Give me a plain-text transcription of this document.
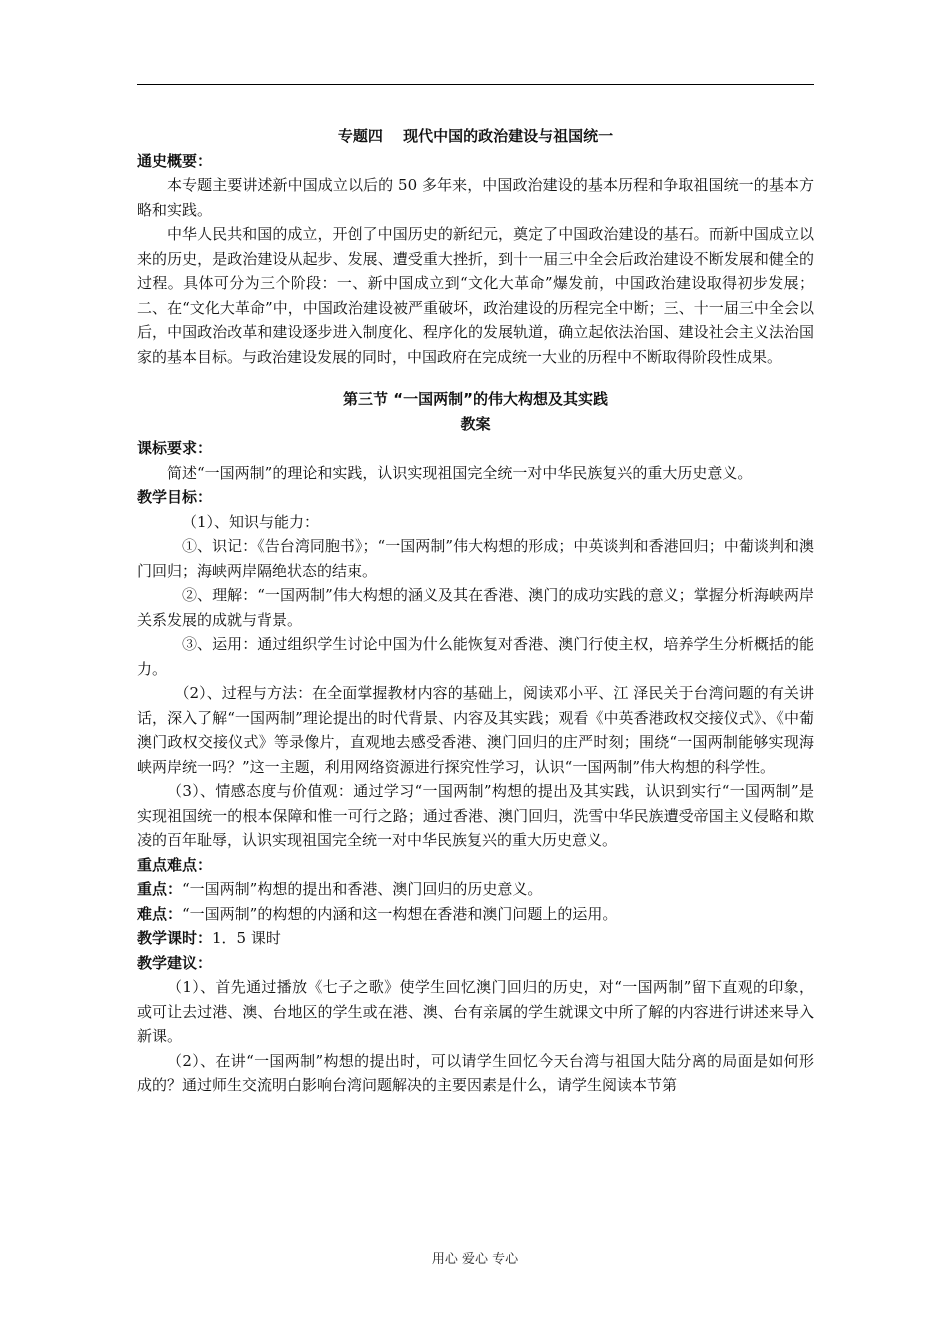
专题四　 现代中国的政治建设与祖国统一

通史概要：

本专题主要讲述新中国成立以后的 50 多年来，中国政治建设的基本历程和争取祖国统一的基本方略和实践。

中华人民共和国的成立，开创了中国历史的新纪元，奠定了中国政治建设的基石。而新中国成立以来的历史，是政治建设从起步、发展、遭受重大挫折，到十一届三中全会后政治建设不断发展和健全的过程。具体可分为三个阶段：一、新中国成立到“文化大革命”爆发前，中国政治建设取得初步发展；二、在“文化大革命”中，中国政治建设被严重破坏，政治建设的历程完全中断；三、十一届三中全会以后，中国政治改革和建设逐步进入制度化、程序化的发展轨道，确立起依法治国、建设社会主义法治国家的基本目标。与政治建设发展的同时，中国政府在完成统一大业的历程中不断取得阶段性成果。

第三节 “一国两制”的伟大构想及其实践

教案

课标要求：

简述“一国两制”的理论和实践，认识实现祖国完全统一对中华民族复兴的重大历史意义。

教学目标：

（1）、知识与能力：

①、识记：《告台湾同胞书》；“一国两制”伟大构想的形成；中英谈判和香港回归；中葡谈判和澳门回归；海峡两岸隔绝状态的结束。

②、理解：“一国两制”伟大构想的涵义及其在香港、澳门的成功实践的意义；掌握分析海峡两岸关系发展的成就与背景。

③、运用：通过组织学生讨论中国为什么能恢复对香港、澳门行使主权，培养学生分析概括的能力。

（2）、过程与方法：在全面掌握教材内容的基础上，阅读邓小平、江 泽民关于台湾问题的有关讲话，深入了解“一国两制”理论提出的时代背景、内容及其实践；观看《中英香港政权交接仪式》、《中葡澳门政权交接仪式》等录像片，直观地去感受香港、澳门回归的庄严时刻；围绕“一国两制能够实现海峡两岸统一吗？”这一主题，利用网络资源进行探究性学习，认识“一国两制”伟大构想的科学性。

（3）、情感态度与价值观：通过学习“一国两制”构想的提出及其实践，认识到实行“一国两制”是实现祖国统一的根本保障和惟一可行之路；通过香港、澳门回归，洗雪中华民族遭受帝国主义侵略和欺凌的百年耻辱，认识实现祖国完全统一对中华民族复兴的重大历史意义。

重点难点：

重点：“一国两制”构想的提出和香港、澳门回归的历史意义。

难点：“一国两制”的构想的内涵和这一构想在香港和澳门问题上的运用。

教学课时：1．5 课时

教学建议：

（1）、首先通过播放《七子之歌》使学生回忆澳门回归的历史，对“一国两制”留下直观的印象，或可让去过港、澳、台地区的学生或在港、澳、台有亲属的学生就课文中所了解的内容进行讲述来导入新课。

（2）、在讲“一国两制”构想的提出时，可以请学生回忆今天台湾与祖国大陆分离的局面是如何形成的？通过师生交流明白影响台湾问题解决的主要因素是什么，请学生阅读本节第

用心 爱心 专心
